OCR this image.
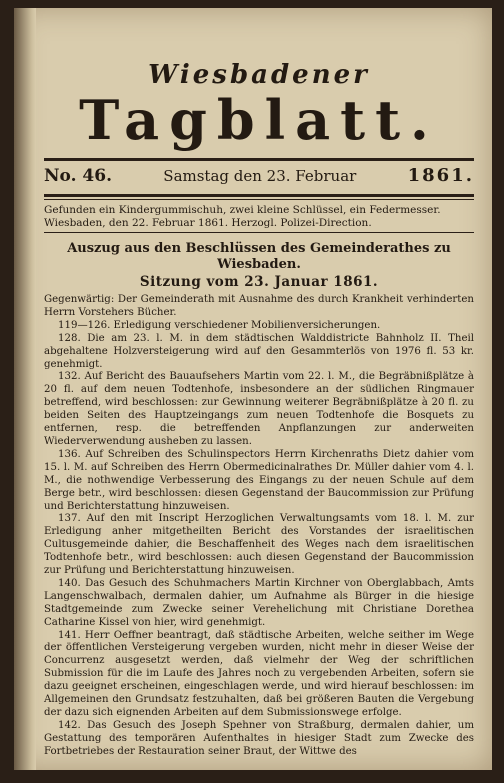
Wiesbadener
Tagblatt.
No. 46.	Samstag den 23. Februar	1861.
Gefunden ein Kindergummischuh, zwei kleine Schlüssel, ein Federmesser.
Wiesbaden, den 22. Februar 1861. Herzogl. Polizei-Direction.
Auszug aus den Beschlüssen des Gemeinderathes zu Wiesbaden.
Sitzung vom 23. Januar 1861.

Gegenwärtig: Der Gemeinderath mit Ausnahme des durch Krankheit verhinderten Herrn Vorstehers Bücher.

119—126. Erledigung verschiedener Mobilienversicherungen.

128. Die am 23. l. M. in dem städtischen Walddistricte Bahnholz II. Theil abgehaltene Holzversteigerung wird auf den Gesammterlös von 1976 fl. 53 kr. genehmigt.

132. Auf Bericht des Bauaufsehers Martin vom 22. l. M., die Begräbnißplätze à 20 fl. auf dem neuen Todtenhofe, insbesondere an der südlichen Ringmauer betreffend, wird beschlossen: zur Gewinnung weiterer Begräbnißplätze à 20 fl. zu beiden Seiten des Hauptzeingangs zum neuen Todtenhofe die Bosquets zu entfernen, resp. die betreffenden Anpflanzungen zur anderweiten Wiederverwendung ausheben zu lassen.

136. Auf Schreiben des Schulinspectors Herrn Kirchenraths Dietz dahier vom 15. l. M. auf Schreiben des Herrn Obermedicinalrathes Dr. Müller dahier vom 4. l. M., die nothwendige Verbesserung des Eingangs zu der neuen Schule auf dem Berge betr., wird beschlossen: diesen Gegenstand der Baucommission zur Prüfung und Berichterstattung hinzuweisen.

137. Auf den mit Inscript Herzoglichen Verwaltungsamts vom 18. l. M. zur Erledigung anher mitgetheilten Bericht des Vorstandes der israelitischen Cultusgemeinde dahier, die Beschaffenheit des Weges nach dem israelitischen Todtenhofe betr., wird beschlossen: auch diesen Gegenstand der Baucommission zur Prüfung und Berichterstattung hinzuweisen.

140. Das Gesuch des Schuhmachers Martin Kirchner von Oberglabbach, Amts Langenschwalbach, dermalen dahier, um Aufnahme als Bürger in die hiesige Stadtgemeinde zum Zwecke seiner Verehelichung mit Christiane Dorethea Catharine Kissel von hier, wird genehmigt.

141. Herr Oeffner beantragt, daß städtische Arbeiten, welche seither im Wege der öffentlichen Versteigerung vergeben wurden, nicht mehr in dieser Weise der Concurrenz ausgesetzt werden, daß vielmehr der Weg der schriftlichen Submission für die im Laufe des Jahres noch zu vergebenden Arbeiten, sofern sie dazu geeignet erscheinen, eingeschlagen werde, und wird hierauf beschlossen: im Allgemeinen den Grundsatz festzuhalten, daß bei größeren Bauten die Vergebung der dazu sich eignenden Arbeiten auf dem Submissionswege erfolge.

142. Das Gesuch des Joseph Spehner von Straßburg, dermalen dahier, um Gestattung des temporären Aufenthaltes in hiesiger Stadt zum Zwecke des Fortbetriebes der Restauration seiner Braut, der Wittwe des
